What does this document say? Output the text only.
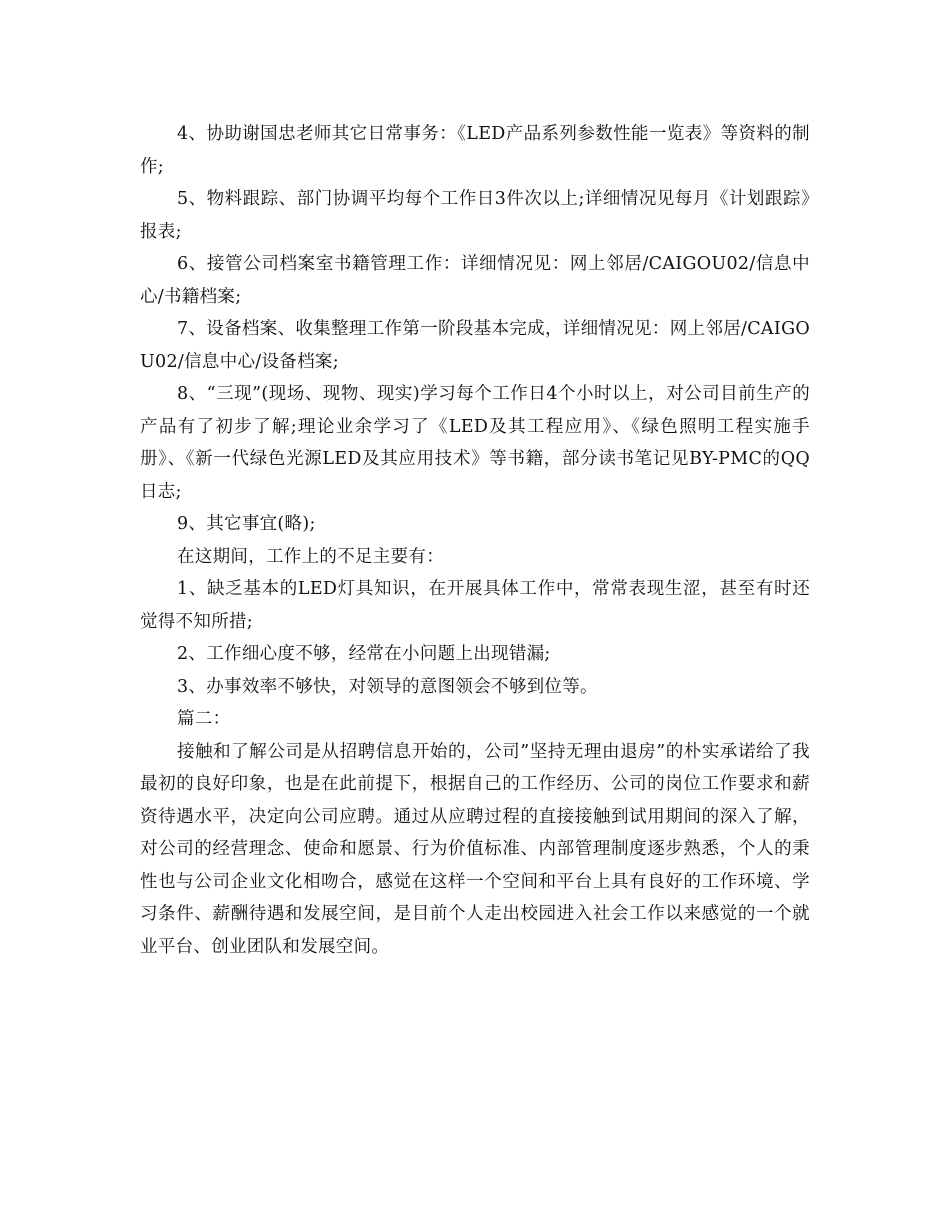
4、协助谢国忠老师其它日常事务：《LED产品系列参数性能一览表》等资料的制作;

5、物料跟踪、部门协调平均每个工作日3件次以上;详细情况见每月《计划跟踪》报表;

6、接管公司档案室书籍管理工作：详细情况见：网上邻居/CAIGOU02/信息中心/书籍档案;

7、设备档案、收集整理工作第一阶段基本完成，详细情况见：网上邻居/CAIGOU02/信息中心/设备档案;

8、“三现”(现场、现物、现实)学习每个工作日4个小时以上，对公司目前生产的产品有了初步了解;理论业余学习了《LED及其工程应用》、《绿色照明工程实施手册》、《新一代绿色光源LED及其应用技术》等书籍，部分读书笔记见BY-PMC的QQ日志;

9、其它事宜(略);

在这期间，工作上的不足主要有：

1、缺乏基本的LED灯具知识，在开展具体工作中，常常表现生涩，甚至有时还觉得不知所措;

2、工作细心度不够，经常在小问题上出现错漏;

3、办事效率不够快，对领导的意图领会不够到位等。

篇二：

接触和了解公司是从招聘信息开始的，公司”坚持无理由退房”的朴实承诺给了我最初的良好印象，也是在此前提下，根据自己的工作经历、公司的岗位工作要求和薪资待遇水平，决定向公司应聘。通过从应聘过程的直接接触到试用期间的深入了解，对公司的经营理念、使命和愿景、行为价值标准、内部管理制度逐步熟悉，个人的秉性也与公司企业文化相吻合，感觉在这样一个空间和平台上具有良好的工作环境、学习条件、薪酬待遇和发展空间，是目前个人走出校园进入社会工作以来感觉的一个就业平台、创业团队和发展空间。
